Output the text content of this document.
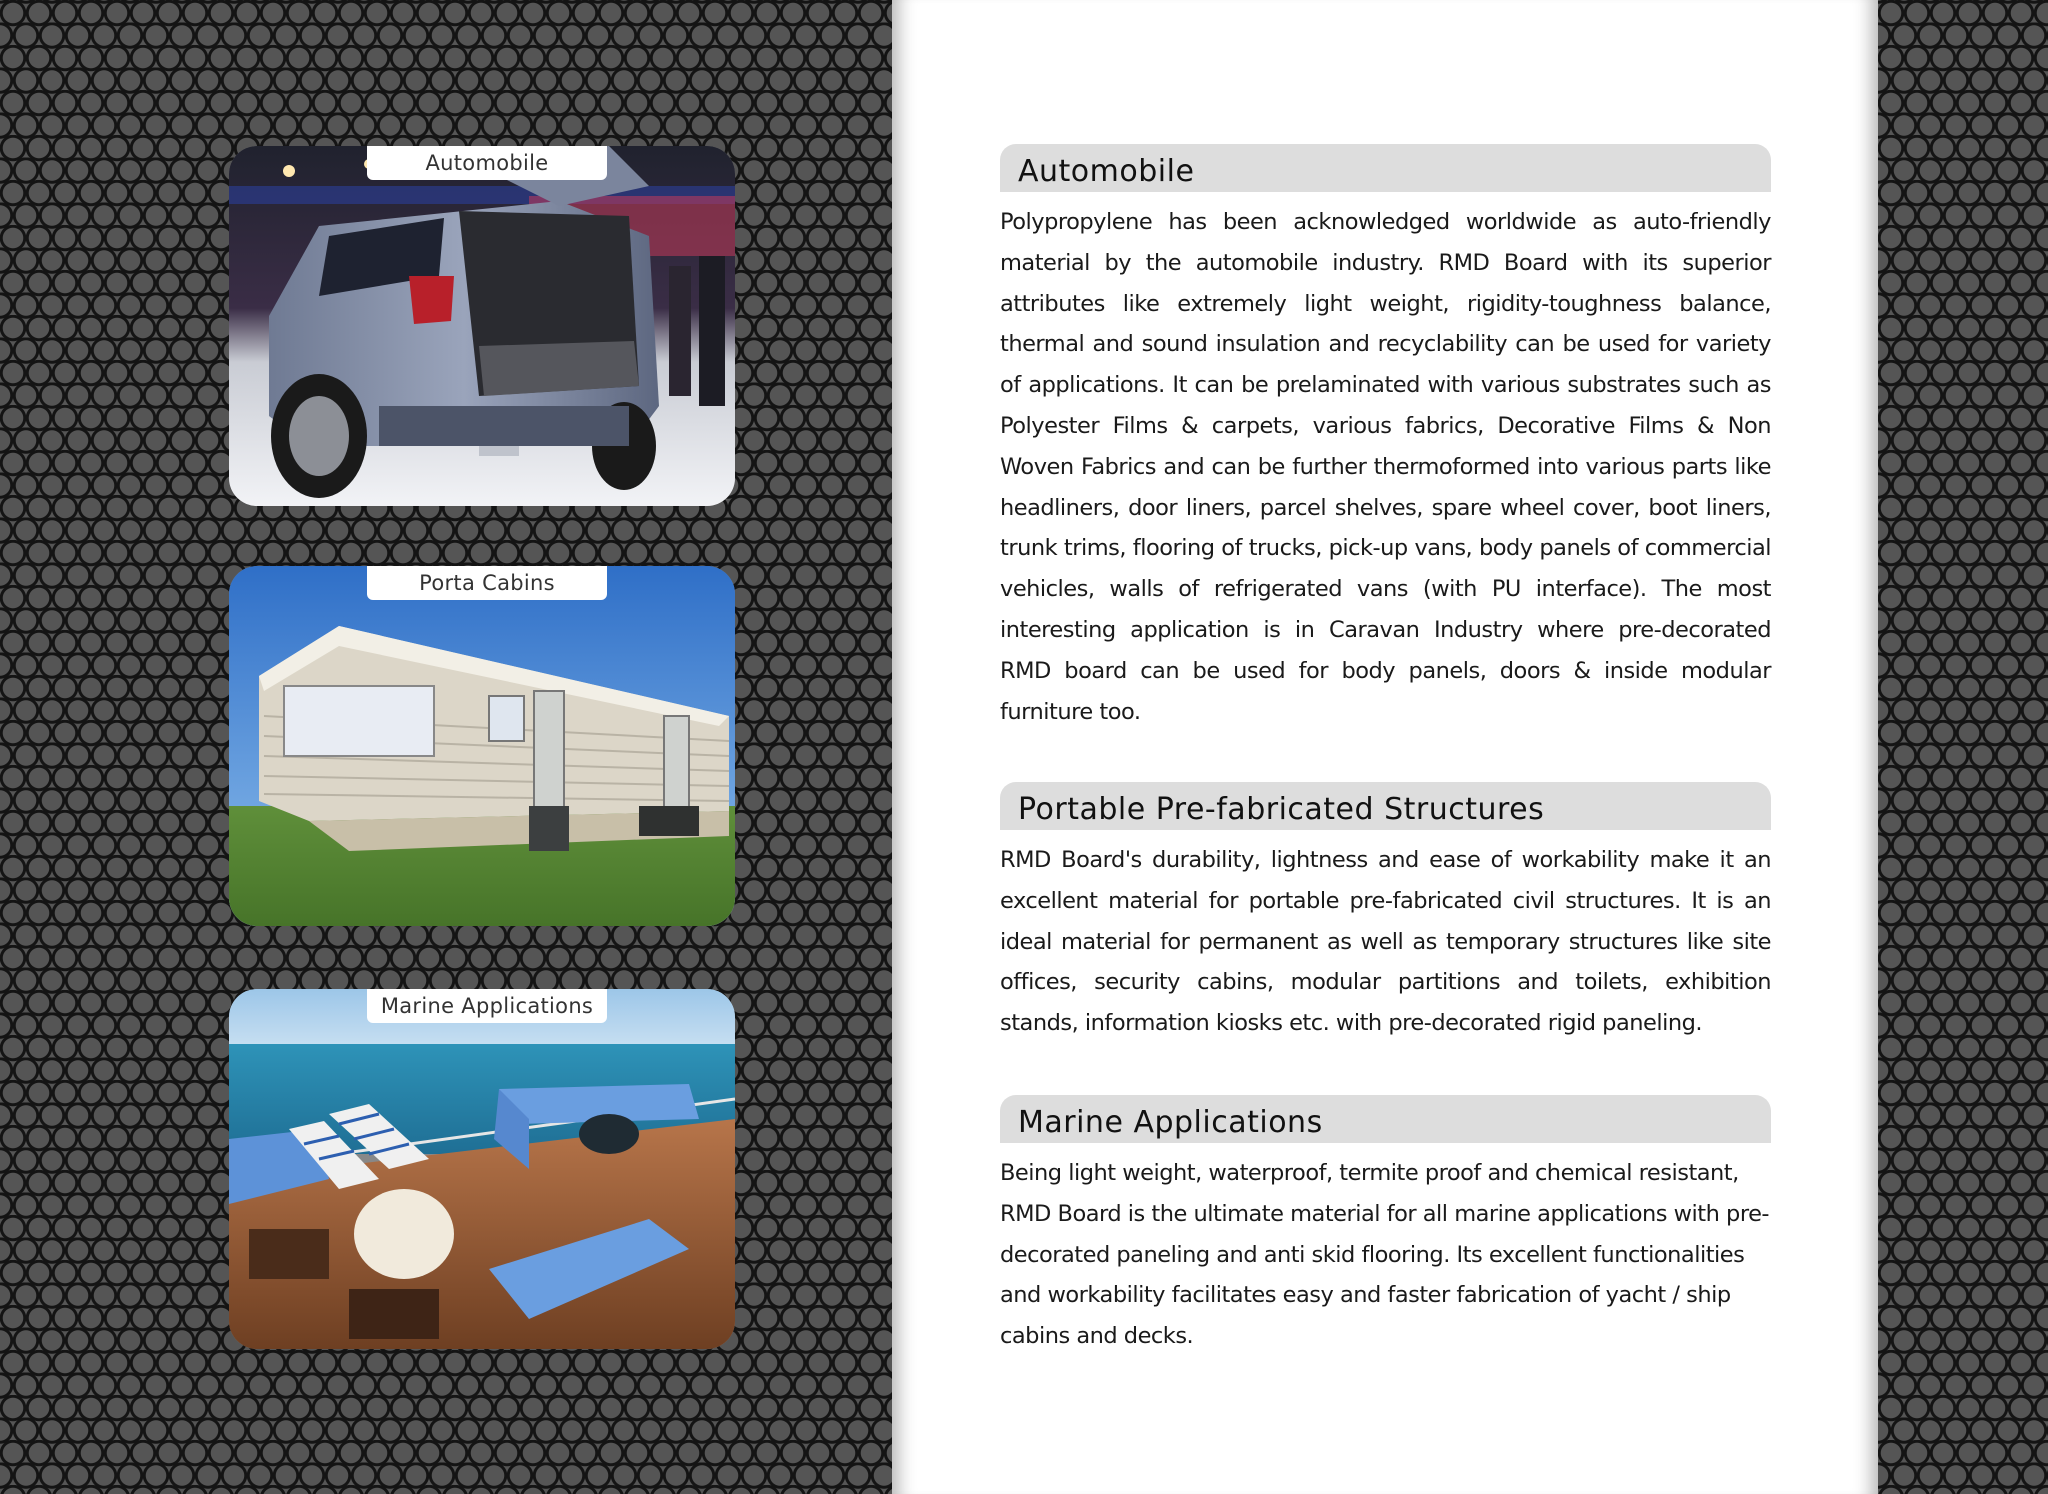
Automobile
Porta Cabins
Marine Applications
Automobile

Polypropylene has been acknowledged worldwide as auto-friendly material by the automobile industry. RMD Board with its superior attributes like extremely light weight, rigidity-toughness balance, thermal and sound insulation and recyclability can be used for variety of applications. It can be prelaminated with various substrates such as Polyester Films & carpets, various fabrics, Decorative Films & Non Woven Fabrics and can be further thermoformed into various parts like headliners, door liners, parcel shelves, spare wheel cover, boot liners, trunk trims, flooring of trucks, pick-up vans, body panels of commercial vehicles, walls of refrigerated vans (with PU interface). The most interesting application is in Caravan Industry where pre-decorated RMD board can be used for body panels, doors & inside modular furniture too.

Portable Pre-fabricated Structures

RMD Board's durability, lightness and ease of workability make it an excellent material for portable pre-fabricated civil structures. It is an ideal material for permanent as well as temporary structures like site offices, security cabins, modular partitions and toilets, exhibition stands, information kiosks etc. with pre-decorated rigid paneling.

Marine Applications

Being light weight, waterproof, termite proof and chemical resistant, RMD Board is the ultimate material for all marine applications with pre-decorated paneling and anti skid flooring. Its excellent functionalities and workability facilitates easy and faster fabrication of yacht / ship cabins and decks.
